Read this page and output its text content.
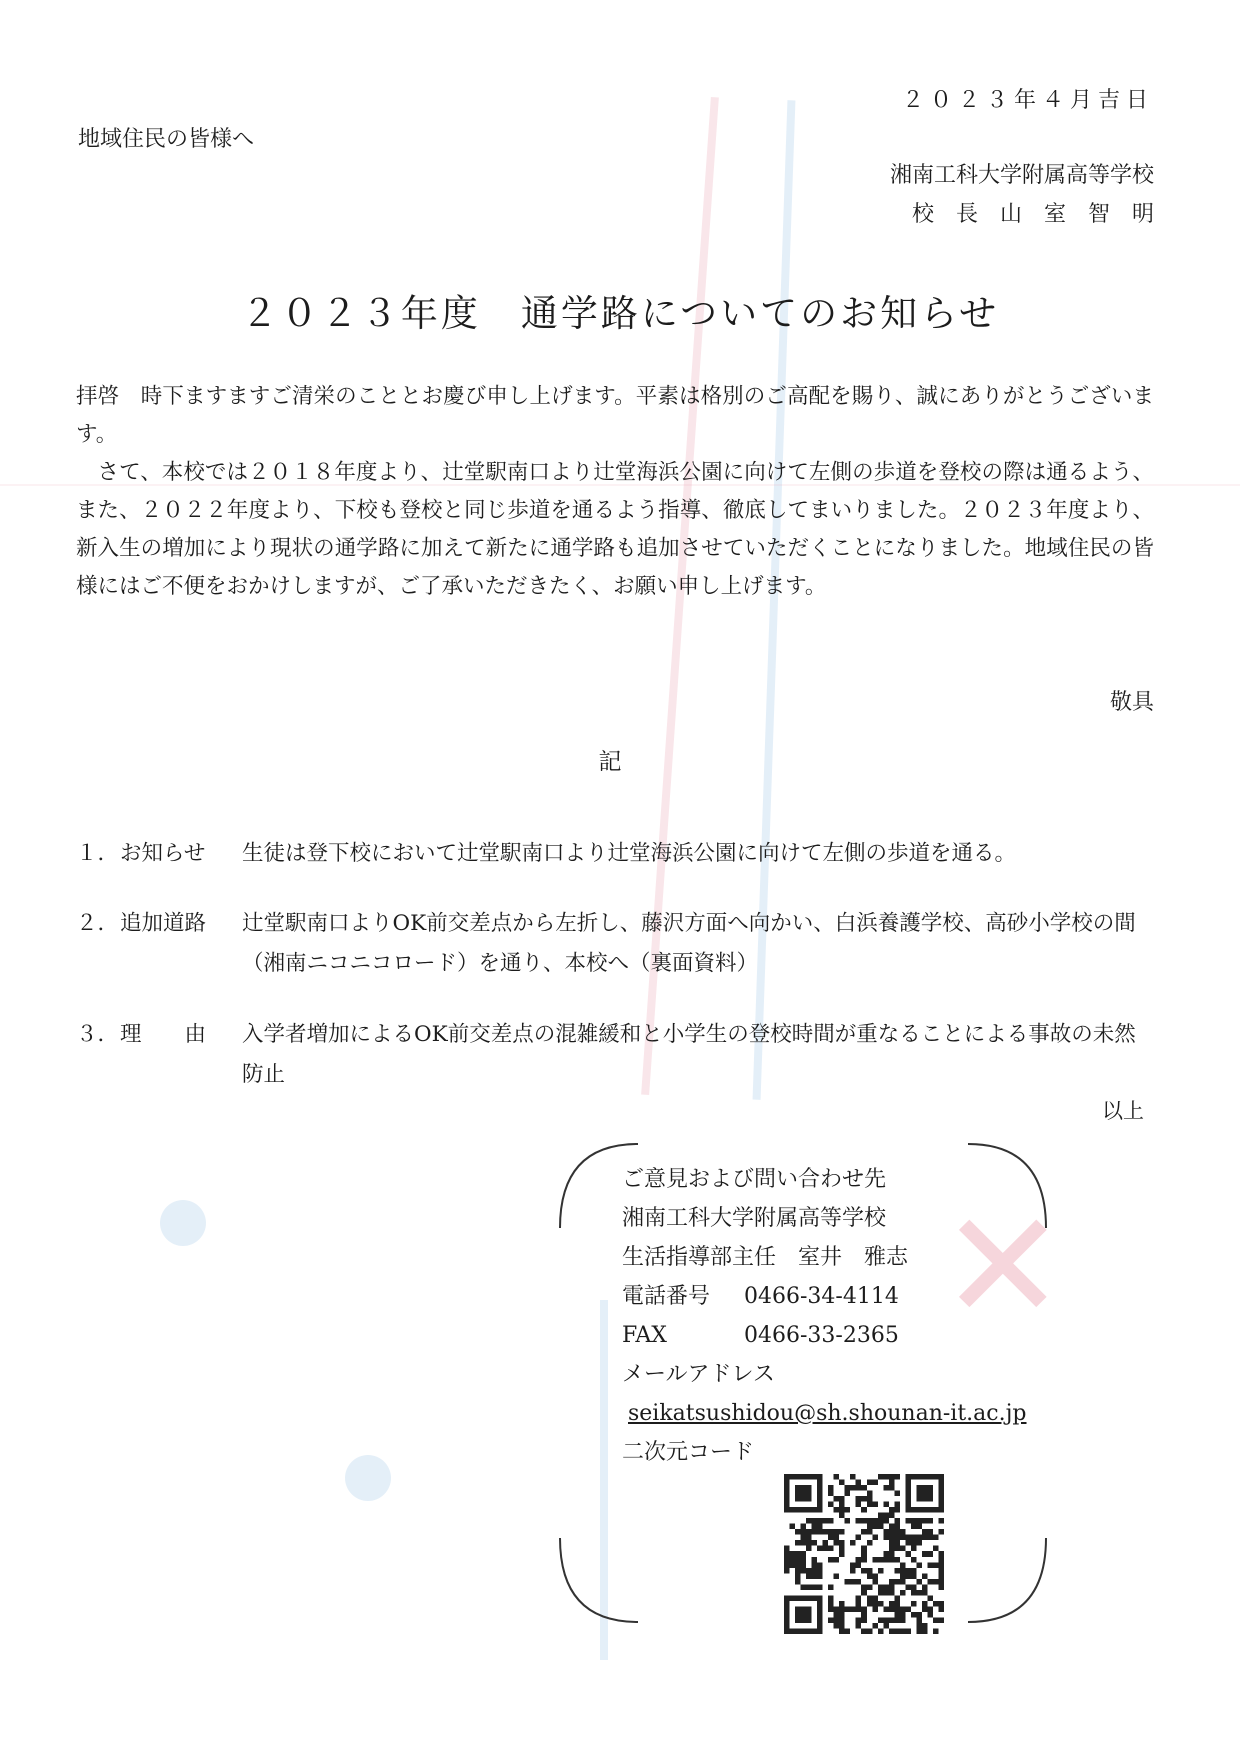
✕

２０２３年４月吉日
地域住民の皆様へ
湘南工科大学附属高等学校
校長山室智明
２０２３年度　通学路についてのお知らせ

拝啓　時下ますますご清栄のこととお慶び申し上げます。平素は格別のご高配を賜り、誠にありがとうございます。

さて、本校では２０１８年度より、辻堂駅南口より辻堂海浜公園に向けて左側の歩道を登校の際は通るよう、また、２０２２年度より、下校も登校と同じ歩道を通るよう指導、徹底してまいりました。２０２３年度より、新入生の増加により現状の通学路に加えて新たに通学路も追加させていただくことになりました。地域住民の皆様にはご不便をおかけしますが、ご了承いただきたく、お願い申し上げます。

敬具
記
１． お知らせ	生徒は登下校において辻堂駅南口より辻堂海浜公園に向けて左側の歩道を通る。
２． 追加道路	辻堂駅南口よりOK前交差点から左折し、藤沢方面へ向かい、白浜養護学校、高砂小学校の間（湘南ニコニコロード）を通り、本校へ（裏面資料）
３． 理　　由	入学者増加によるOK前交差点の混雑緩和と小学生の登校時間が重なることによる事故の未然防止
以上
ご意見および問い合わせ先
湘南工科大学附属高等学校
生活指導部主任　室井　雅志
電話番号 0466-34-4114
FAX	0466-33-2365
メールアドレス
seikatsushidou@sh.shounan-it.ac.jp
二次元コード
